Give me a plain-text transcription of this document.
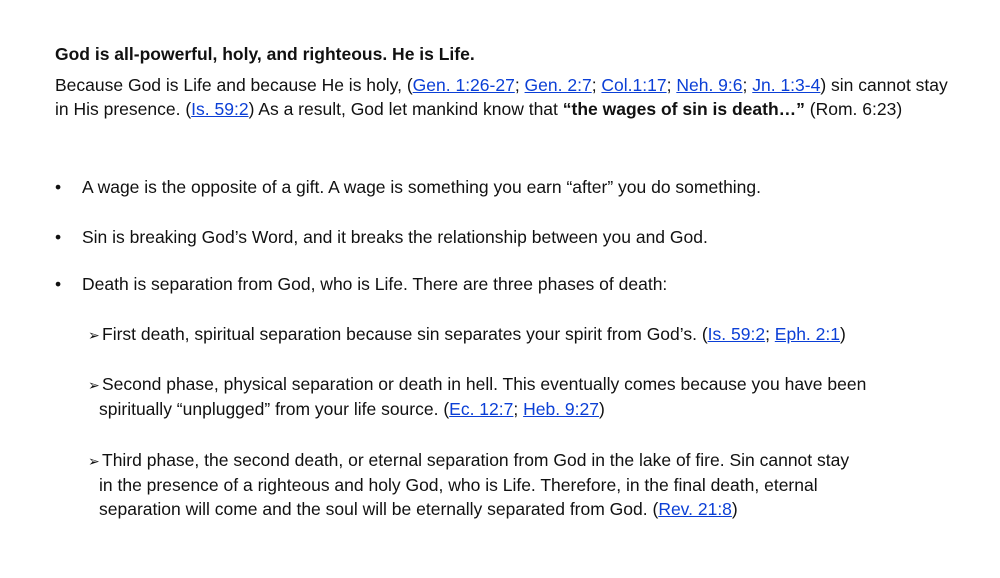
God is all-powerful, holy, and righteous. He is Life.
Because God is Life and because He is holy, (Gen. 1:26-27; Gen. 2:7; Col.1:17; Neh. 9:6; Jn. 1:3-4) sin cannot stay in His presence. (Is. 59:2) As a result, God let mankind know that “the wages of sin is death…” (Rom. 6:23)
• A wage is the opposite of a gift. A wage is something you earn “after” you do something.
• Sin is breaking God’s Word, and it breaks the relationship between you and God.
• Death is separation from God, who is Life. There are three phases of death:
➢ First death, spiritual separation because sin separates your spirit from God’s. (Is. 59:2; Eph. 2:1)
➢ Second phase, physical separation or death in hell. This eventually comes because you have been
spiritually “unplugged” from your life source. (Ec. 12:7; Heb. 9:27)
➢ Third phase, the second death, or eternal separation from God in the lake of fire. Sin cannot stay
in the presence of a righteous and holy God, who is Life. Therefore, in the final death, eternal
separation will come and the soul will be eternally separated from God. (Rev. 21:8)
